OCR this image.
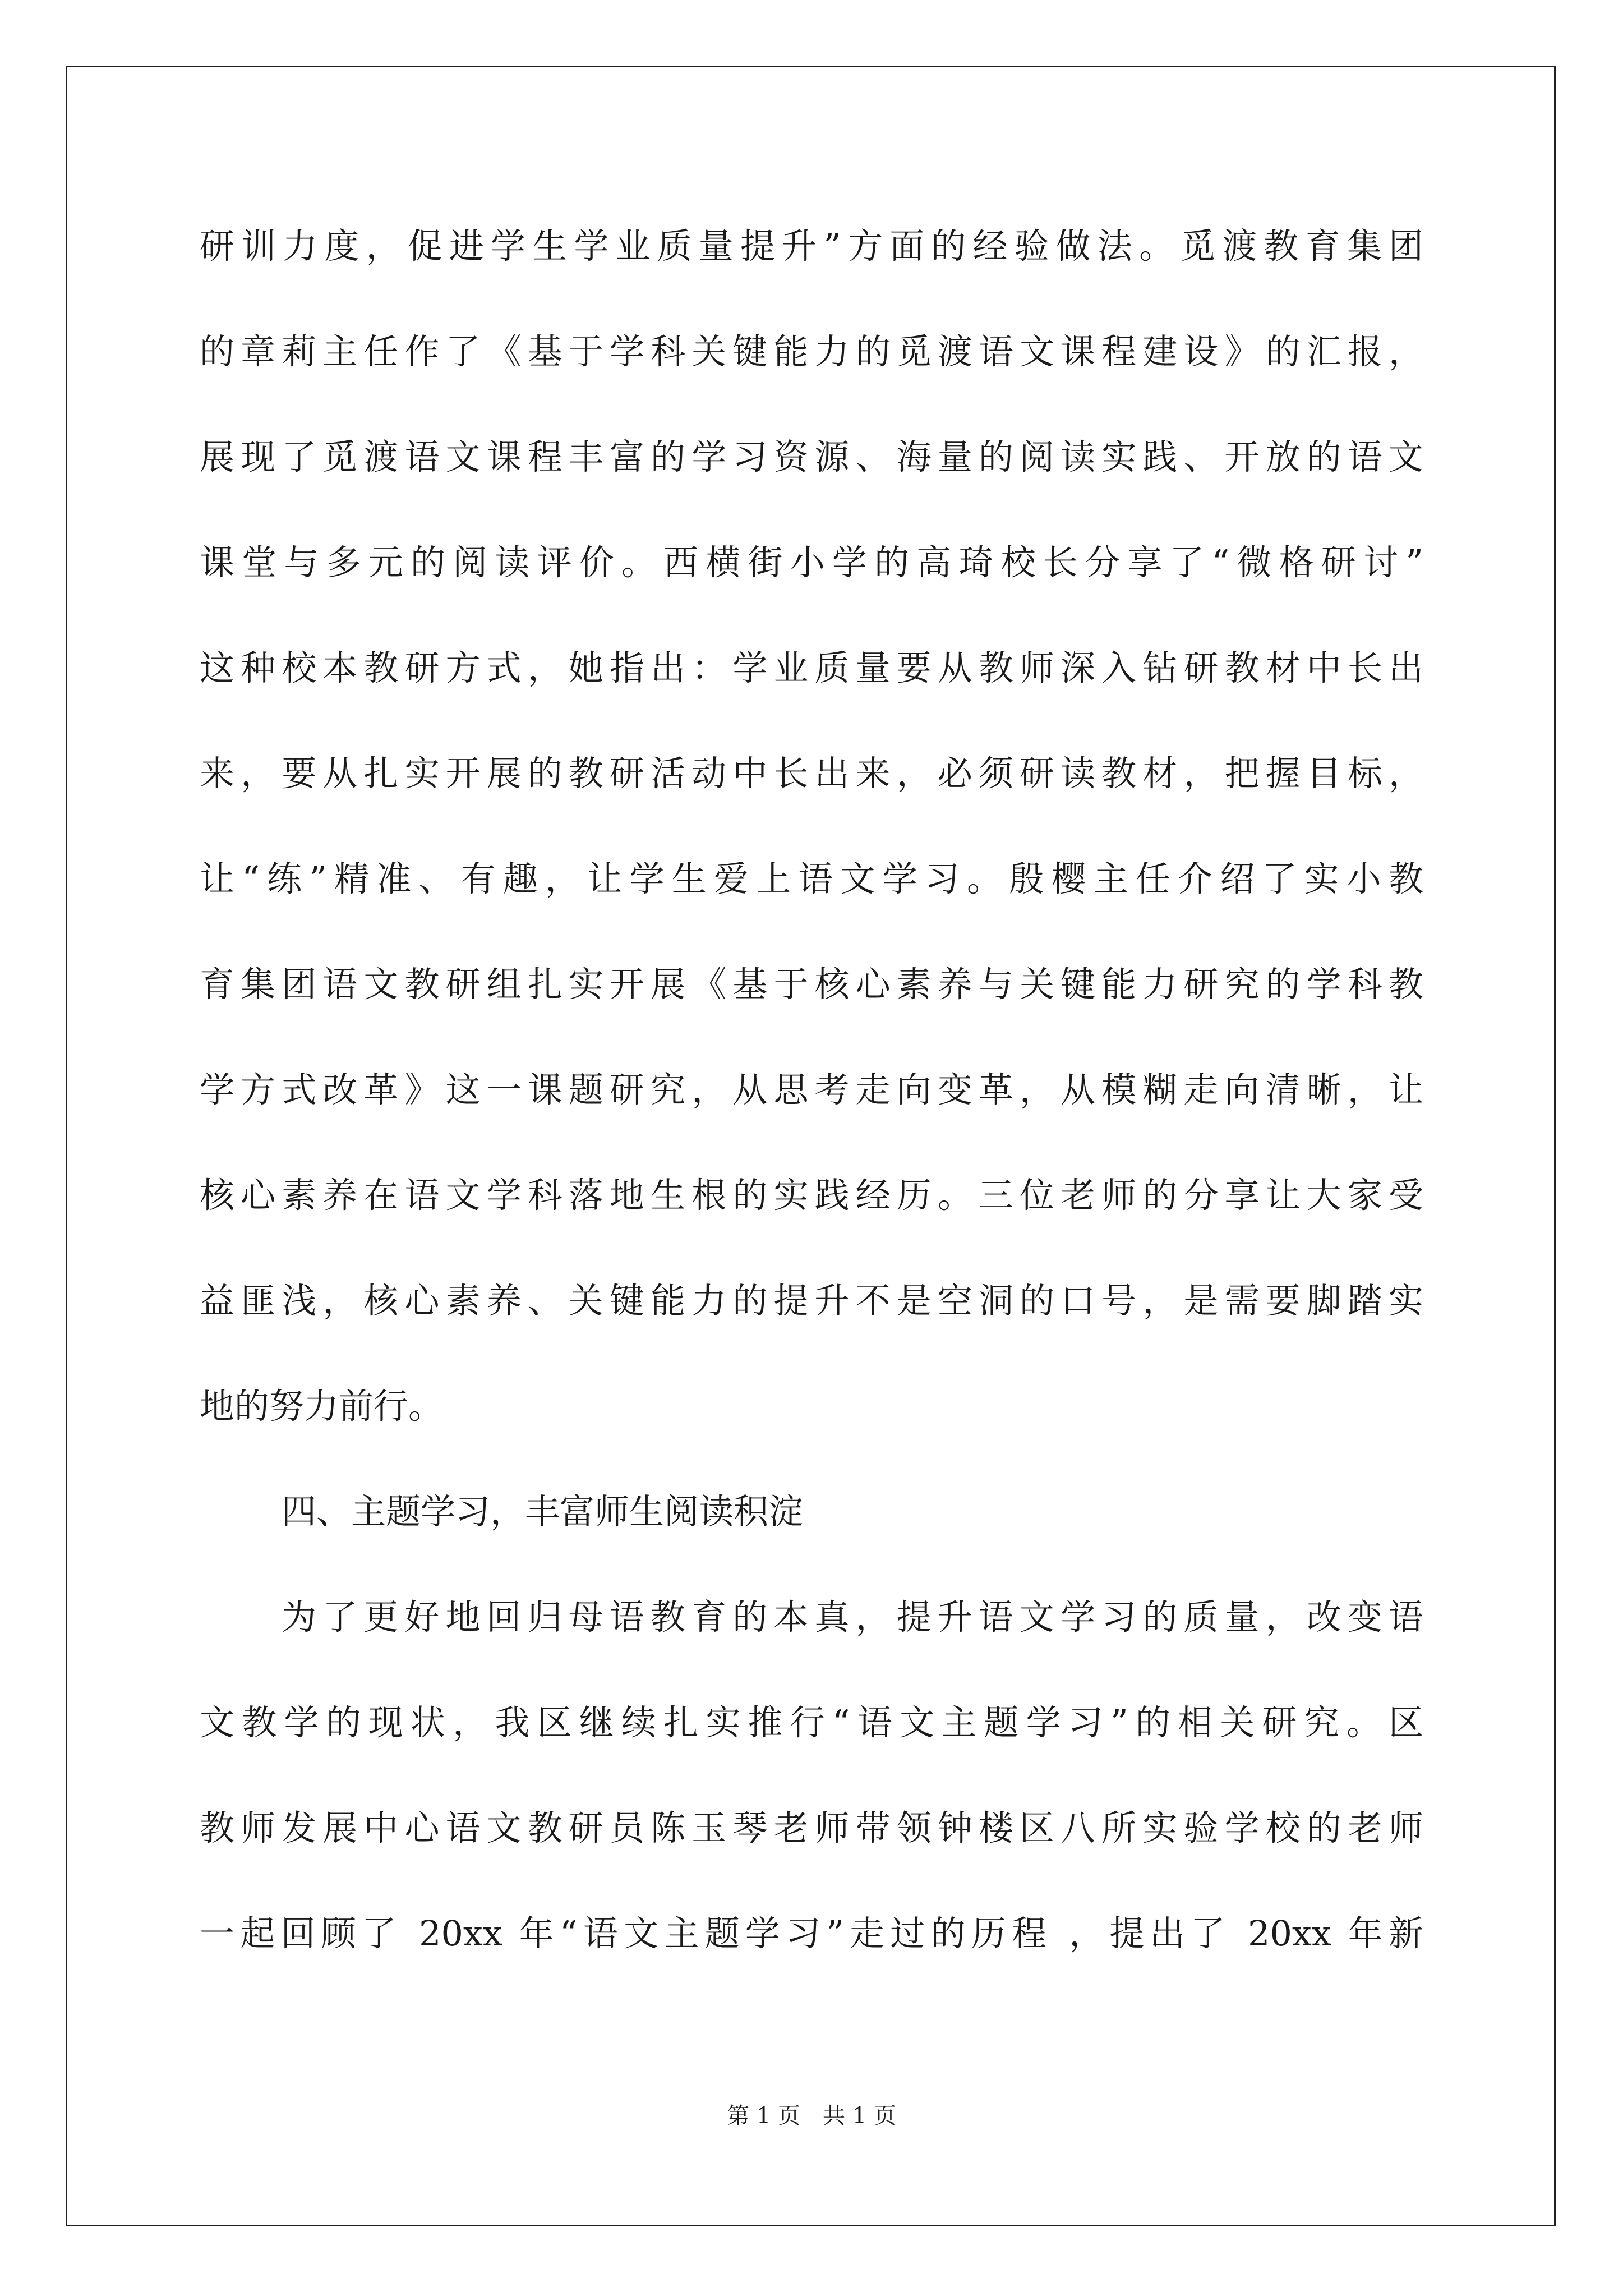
研训力度，促进学生学业质量提升”方面的经验做法。觅渡教育集团
的章莉主任作了《基于学科关键能力的觅渡语文课程建设》的汇报，
展现了觅渡语文课程丰富的学习资源、海量的阅读实践、开放的语文
课堂与多元的阅读评价。西横街小学的高琦校长分享了“微格研讨”
这种校本教研方式，她指出：学业质量要从教师深入钻研教材中长出
来，要从扎实开展的教研活动中长出来，必须研读教材，把握目标，
让“练”精准、有趣，让学生爱上语文学习。殷樱主任介绍了实小教
育集团语文教研组扎实开展《基于核心素养与关键能力研究的学科教
学方式改革》这一课题研究，从思考走向变革，从模糊走向清晰，让
核心素养在语文学科落地生根的实践经历。三位老师的分享让大家受
益匪浅，核心素养、关键能力的提升不是空洞的口号，是需要脚踏实
地的努力前行。
四、主题学习，丰富师生阅读积淀
为了更好地回归母语教育的本真，提升语文学习的质量，改变语
文教学的现状，我区继续扎实推行“语文主题学习”的相关研究。区
教师发展中心语文教研员陈玉琴老师带领钟楼区八所实验学校的老师
一起回顾了 20xx 年“语文主题学习”走过的历程 ，提出了 20xx 年新

第 1 页　共 1 页
